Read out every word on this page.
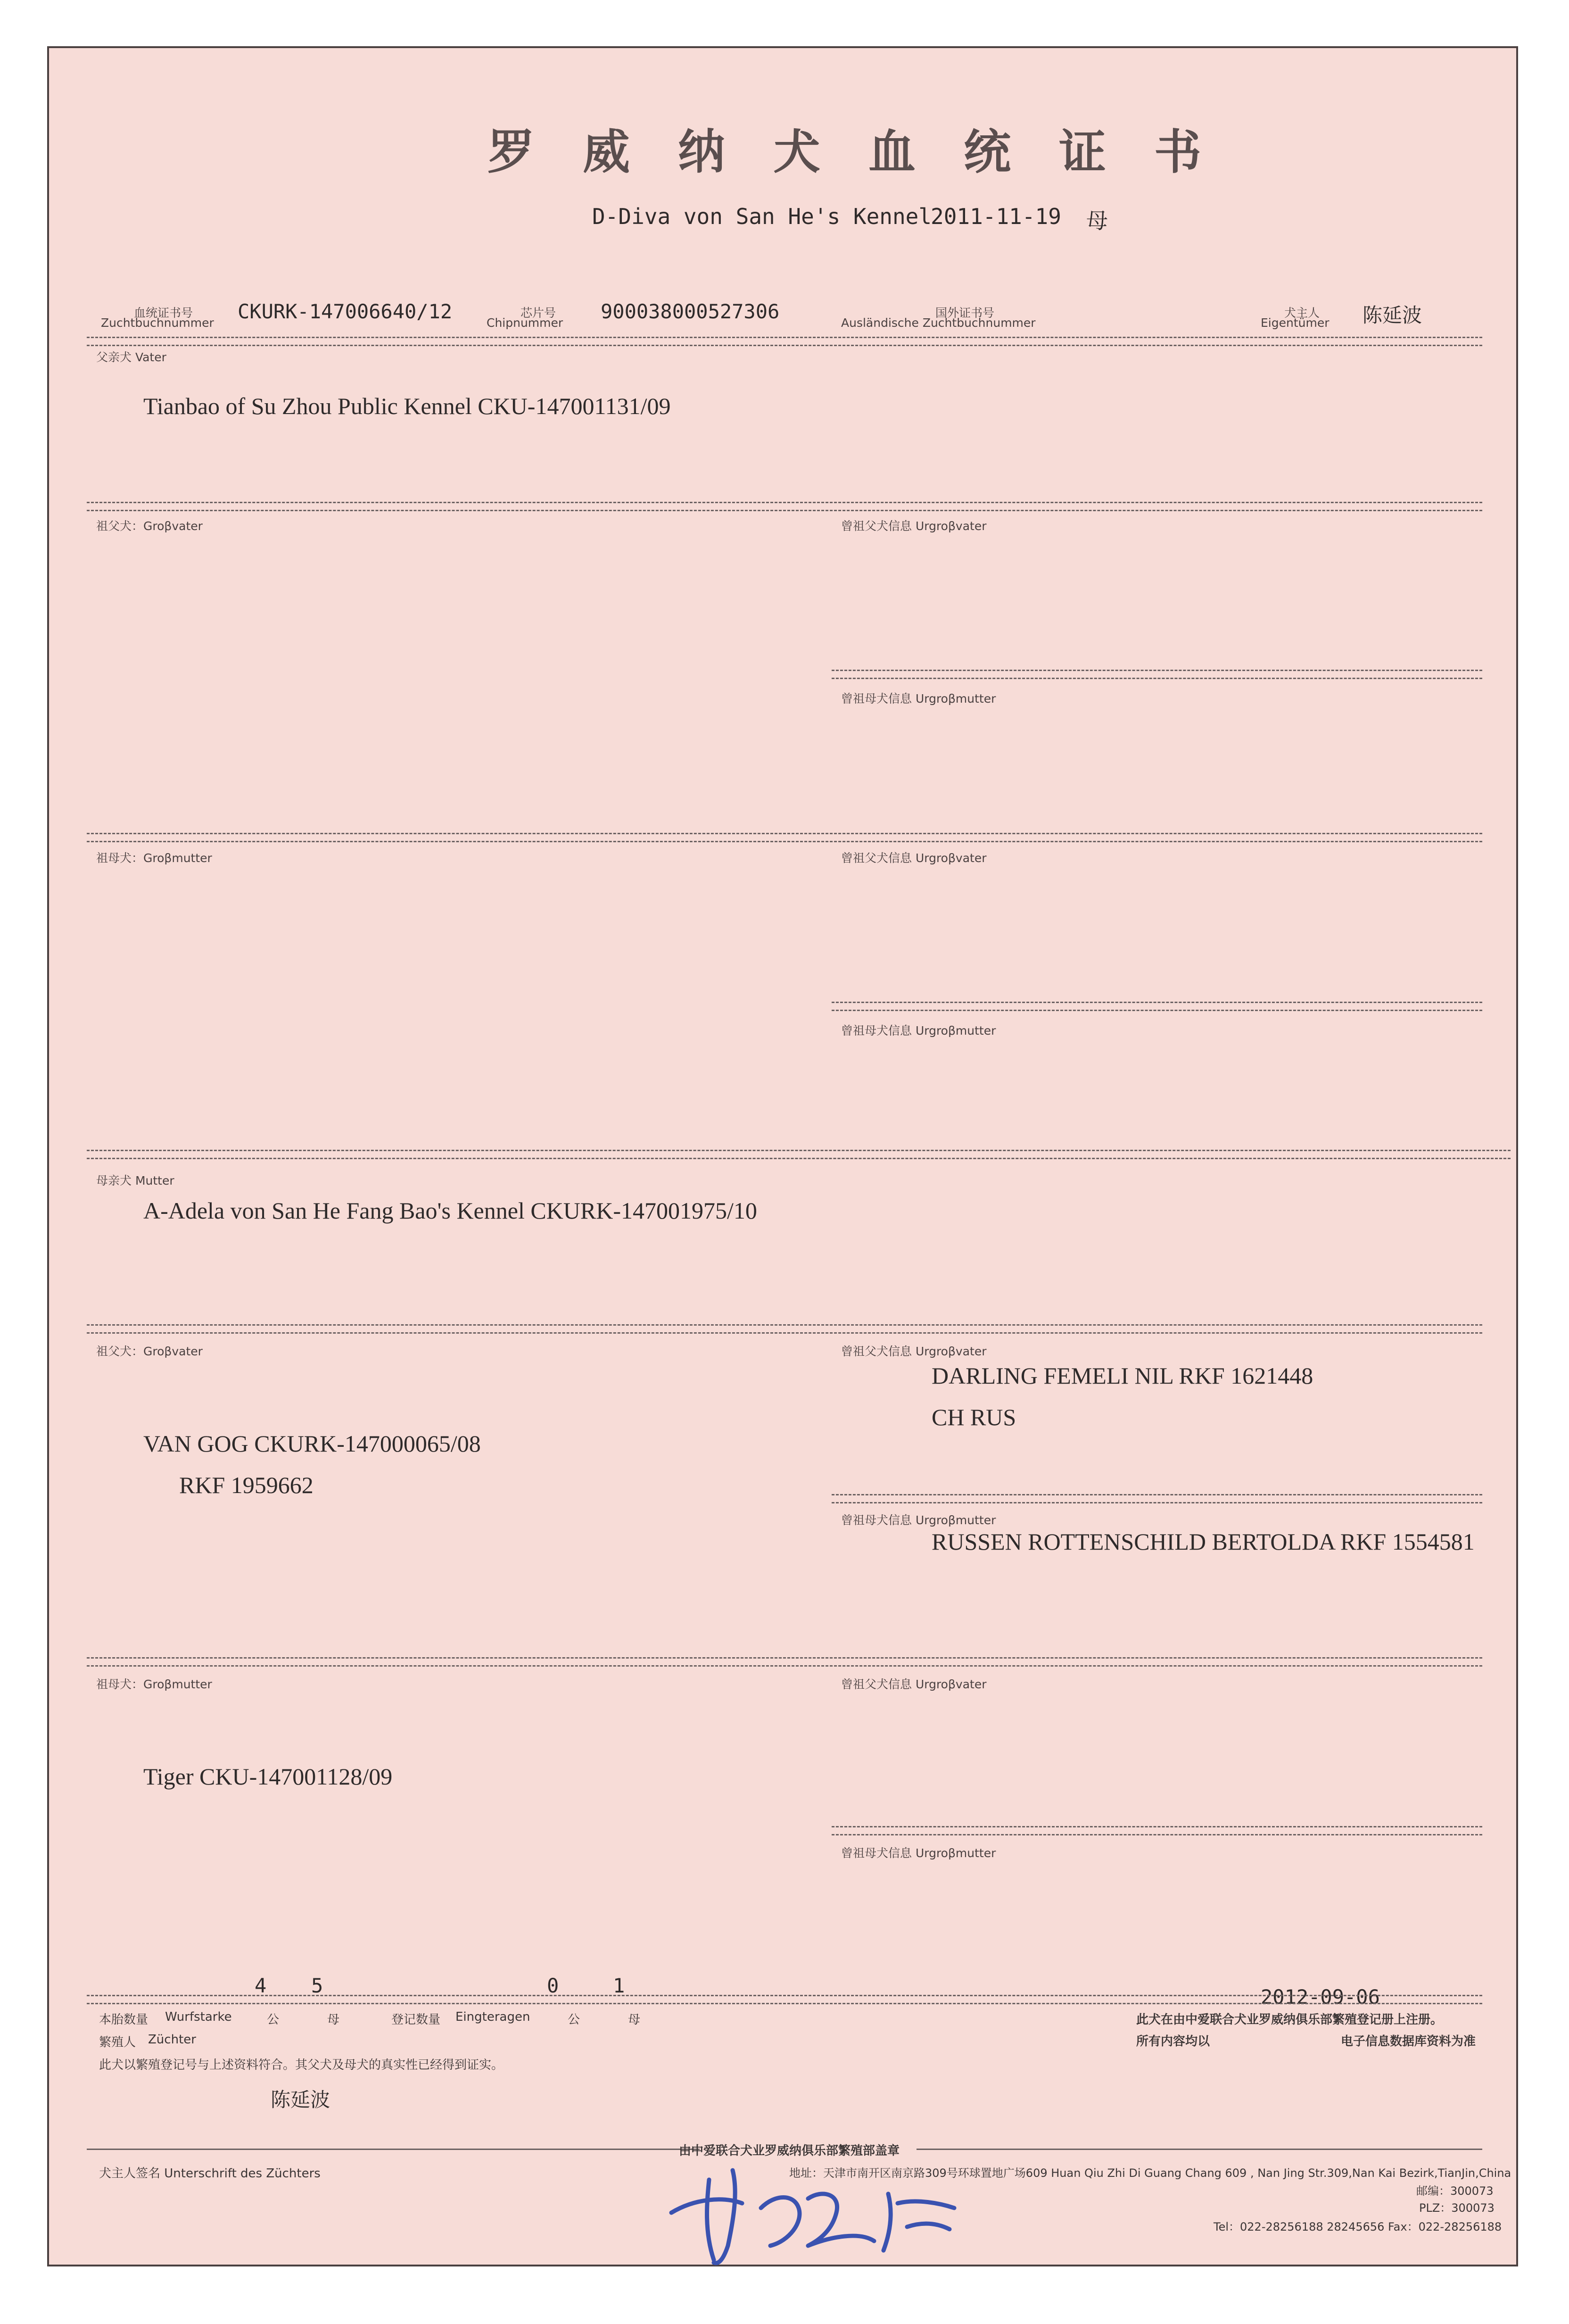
罗威纳犬血统证书
D-Diva von San He's Kennel
2011-11-19 母
血统证书号
Zuchtbuchnummer CKURK-147006640/12	芯片号
Chipnummer 900038000527306	国外证书号
Ausländische Zuchtbuchnummer
犬主人
Eigentümer 陈延波
父亲犬 Vater
Tianbao of Su Zhou Public Kennel CKU-147001131/09
祖父犬：Groβvater	曾祖父犬信息 Urgroβvater
曾祖母犬信息 Urgroβmutter
祖母犬：Groβmutter	曾祖父犬信息 Urgroβvater
曾祖母犬信息 Urgroβmutter
母亲犬 Mutter
A-Adela von San He Fang Bao's Kennel CKURK-147001975/10
祖父犬：Groβvater	曾祖父犬信息 Urgroβvater
DARLING FEMELI NIL RKF 1621448
CH RUS
VAN GOG CKURK-147000065/08
RKF 1959662
曾祖母犬信息 Urgroβmutter
RUSSEN ROTTENSCHILD BERTOLDA RKF 1554581
祖母犬：Groβmutter	曾祖父犬信息 Urgroβvater
Tiger CKU-147001128/09
曾祖母犬信息 Urgroβmutter
4 5	0	1	2012-09-06
本胎数量 Wurfstarke	公	母	登记数量 Eingteragen	公	母	此犬在由中爱联合犬业罗威纳俱乐部繁殖登记册上注册。
所有内容均以	电子信息数据库资料为准
繁殖人 Züchter
此犬以繁殖登记号与上述资料符合。其父犬及母犬的真实性已经得到证实。
陈延波
由中爱联合犬业罗威纳俱乐部繁殖部盖章
犬主人签名 Unterschrift des Züchters	地址：天津市南开区南京路309号环球置地广场609 Huan Qiu Zhi Di Guang Chang 609 , Nan Jing Str.309,Nan Kai Bezirk,TianJin,China
邮编：300073
PLZ：300073
Tel：022-28256188 28245656 Fax：022-28256188
